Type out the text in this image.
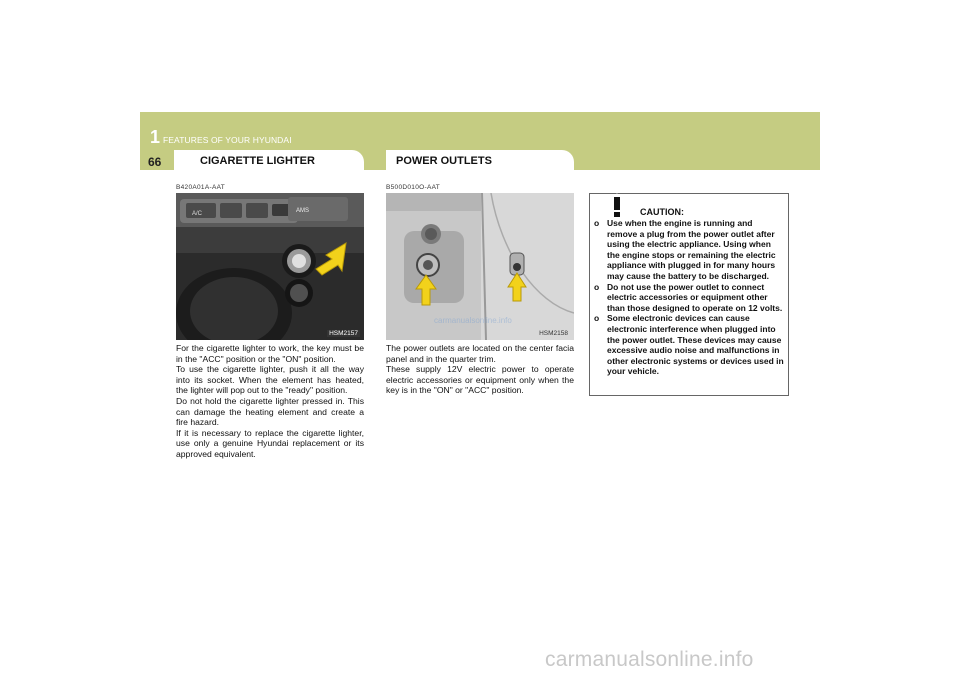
1 FEATURES OF YOUR HYUNDAI
66	CIGARETTE LIGHTER	POWER OUTLETS
B420A01A-AAT
A/C	AMS
HSM2157

For the cigarette lighter to work, the key must be in the "ACC" position or the "ON" position.

To use the cigarette lighter, push it all the way into its socket. When the element has heated, the lighter will pop out to the "ready" position.

Do not hold the cigarette lighter pressed in. This can damage the heating element and create a fire hazard.

If it is necessary to replace the cigarette lighter, use only a genuine Hyundai replacement or its approved equivalent.

B500D010O-AAT
HSM2158

The power outlets are located on the center facia panel and in the quarter trim.

These supply 12V electric power to operate electric accessories or equipment only when the key is in the "ON" or "ACC" position.

carmanualsonline.info
CAUTION:
o Use when the engine is running and remove a plug from the power outlet after using the electric appliance. Using when the engine stops or remaining the electric appliance with plugged in for many hours may cause the battery to be discharged.
o Do not use the power outlet to connect electric accessories or equipment other than those designed to operate on 12 volts.
o Some electronic devices can cause electronic interference when plugged into the power outlet. These devices may cause excessive audio noise and malfunctions in other electronic systems or devices used in your vehicle.
carmanualsonline.info
